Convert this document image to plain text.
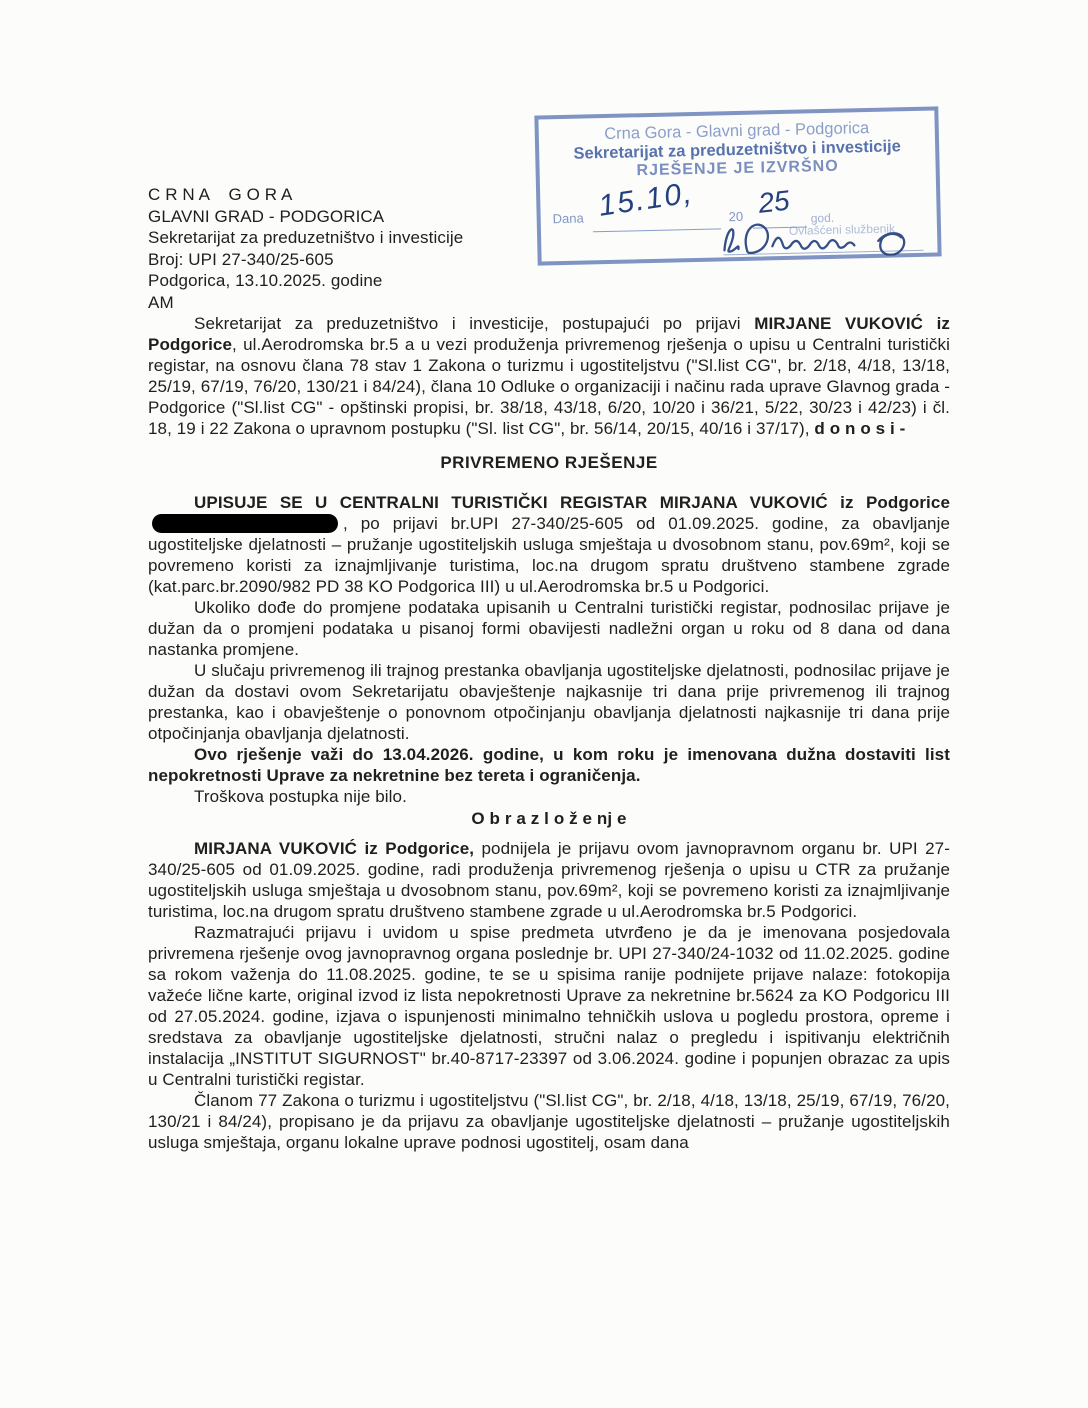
Crna Gora - Glavni grad - Podgorica
Sekretarijat za preduzetništvo i investicije
RJEŠENJE JE IZVRŠNO
Dana 15.10,	20 25 god.
Ovlašćeni službenik
C R N A    G O R A
GLAVNI GRAD - PODGORICA
Sekretarijat za preduzetništvo i investicije
Broj: UPI 27-340/25-605
Podgorica, 13.10.2025. godine
AM

Sekretarijat za preduzetništvo i investicije, postupajući po prijavi MIRJANE VUKOVIĆ iz Podgorice, ul.Aerodromska br.5 a u vezi produženja privremenog rješenja o upisu u Centralni turistički registar, na osnovu člana 78 stav 1 Zakona o turizmu i ugostiteljstvu ("Sl.list CG", br. 2/18, 4/18, 13/18, 25/19, 67/19, 76/20, 130/21 i 84/24), člana 10 Odluke o organizaciji i načinu rada uprave Glavnog grada - Podgorice ("Sl.list CG" - opštinski propisi, br. 38/18, 43/18, 6/20, 10/20 i 36/21, 5/22, 30/23 i 42/23) i čl. 18, 19 i 22 Zakona o upravnom postupku ("Sl. list CG", br. 56/14, 20/15, 40/16 i 37/17), d o n o s i -

PRIVREMENO RJEŠENJE

UPISUJE SE U CENTRALNI TURISTIČKI REGISTAR MIRJANA VUKOVIĆ iz Podgorice, po prijavi br.UPI 27-340/25-605 od 01.09.2025. godine, za obavljanje ugostiteljske djelatnosti – pružanje ugostiteljskih usluga smještaja u dvosobnom stanu, pov.69m², koji se povremeno koristi za iznajmljivanje turistima, loc.na drugom spratu društveno stambene zgrade (kat.parc.br.2090/982 PD 38 KO Podgorica III) u ul.Aerodromska br.5 u Podgorici.

Ukoliko dođe do promjene podataka upisanih u Centralni turistički registar, podnosilac prijave je dužan da o promjeni podataka u pisanoj formi obavijesti nadležni organ u roku od 8 dana od dana nastanka promjene.

U slučaju privremenog ili trajnog prestanka obavljanja ugostiteljske djelatnosti, podnosilac prijave je dužan da dostavi ovom Sekretarijatu obavještenje najkasnije tri dana prije privremenog ili trajnog prestanka, kao i obavještenje o ponovnom otpočinjanju obavljanja djelatnosti najkasnije tri dana prije otpočinjanja obavljanja djelatnosti.

Ovo rješenje važi do 13.04.2026. godine, u kom roku je imenovana dužna dostaviti list nepokretnosti Uprave za nekretnine bez tereta i ograničenja.

Troškova postupka nije bilo.

O b r a z l o ž e nj e

MIRJANA VUKOVIĆ iz Podgorice, podnijela je prijavu ovom javnopravnom organu br. UPI 27-340/25-605 od 01.09.2025. godine, radi produženja privremenog rješenja o upisu u CTR za pružanje ugostiteljskih usluga smještaja u dvosobnom stanu, pov.69m², koji se povremeno koristi za iznajmljivanje turistima, loc.na drugom spratu društveno stambene zgrade u ul.Aerodromska br.5 Podgorici.

Razmatrajući prijavu i uvidom u spise predmeta utvrđeno je da je imenovana posjedovala privremena rješenje ovog javnopravnog organa poslednje br. UPI 27-340/24-1032 od 11.02.2025. godine sa rokom važenja do 11.08.2025. godine, te se u spisima ranije podnijete prijave nalaze: fotokopija važeće lične karte, original izvod iz lista nepokretnosti Uprave za nekretnine br.5624 za KO Podgoricu III od 27.05.2024. godine, izjava o ispunjenosti minimalno tehničkih uslova u pogledu prostora, opreme i sredstava za obavljanje ugostiteljske djelatnosti, stručni nalaz o pregledu i ispitivanju električnih instalacija „INSTITUT SIGURNOST" br.40-8717-23397 od 3.06.2024. godine i popunjen obrazac za upis u Centralni turistički registar.

Članom 77 Zakona o turizmu i ugostiteljstvu ("Sl.list CG", br. 2/18, 4/18, 13/18, 25/19, 67/19, 76/20, 130/21 i 84/24), propisano je da prijavu za obavljanje ugostiteljske djelatnosti – pružanje ugostiteljskih usluga smještaja, organu lokalne uprave podnosi ugostitelj, osam dana
